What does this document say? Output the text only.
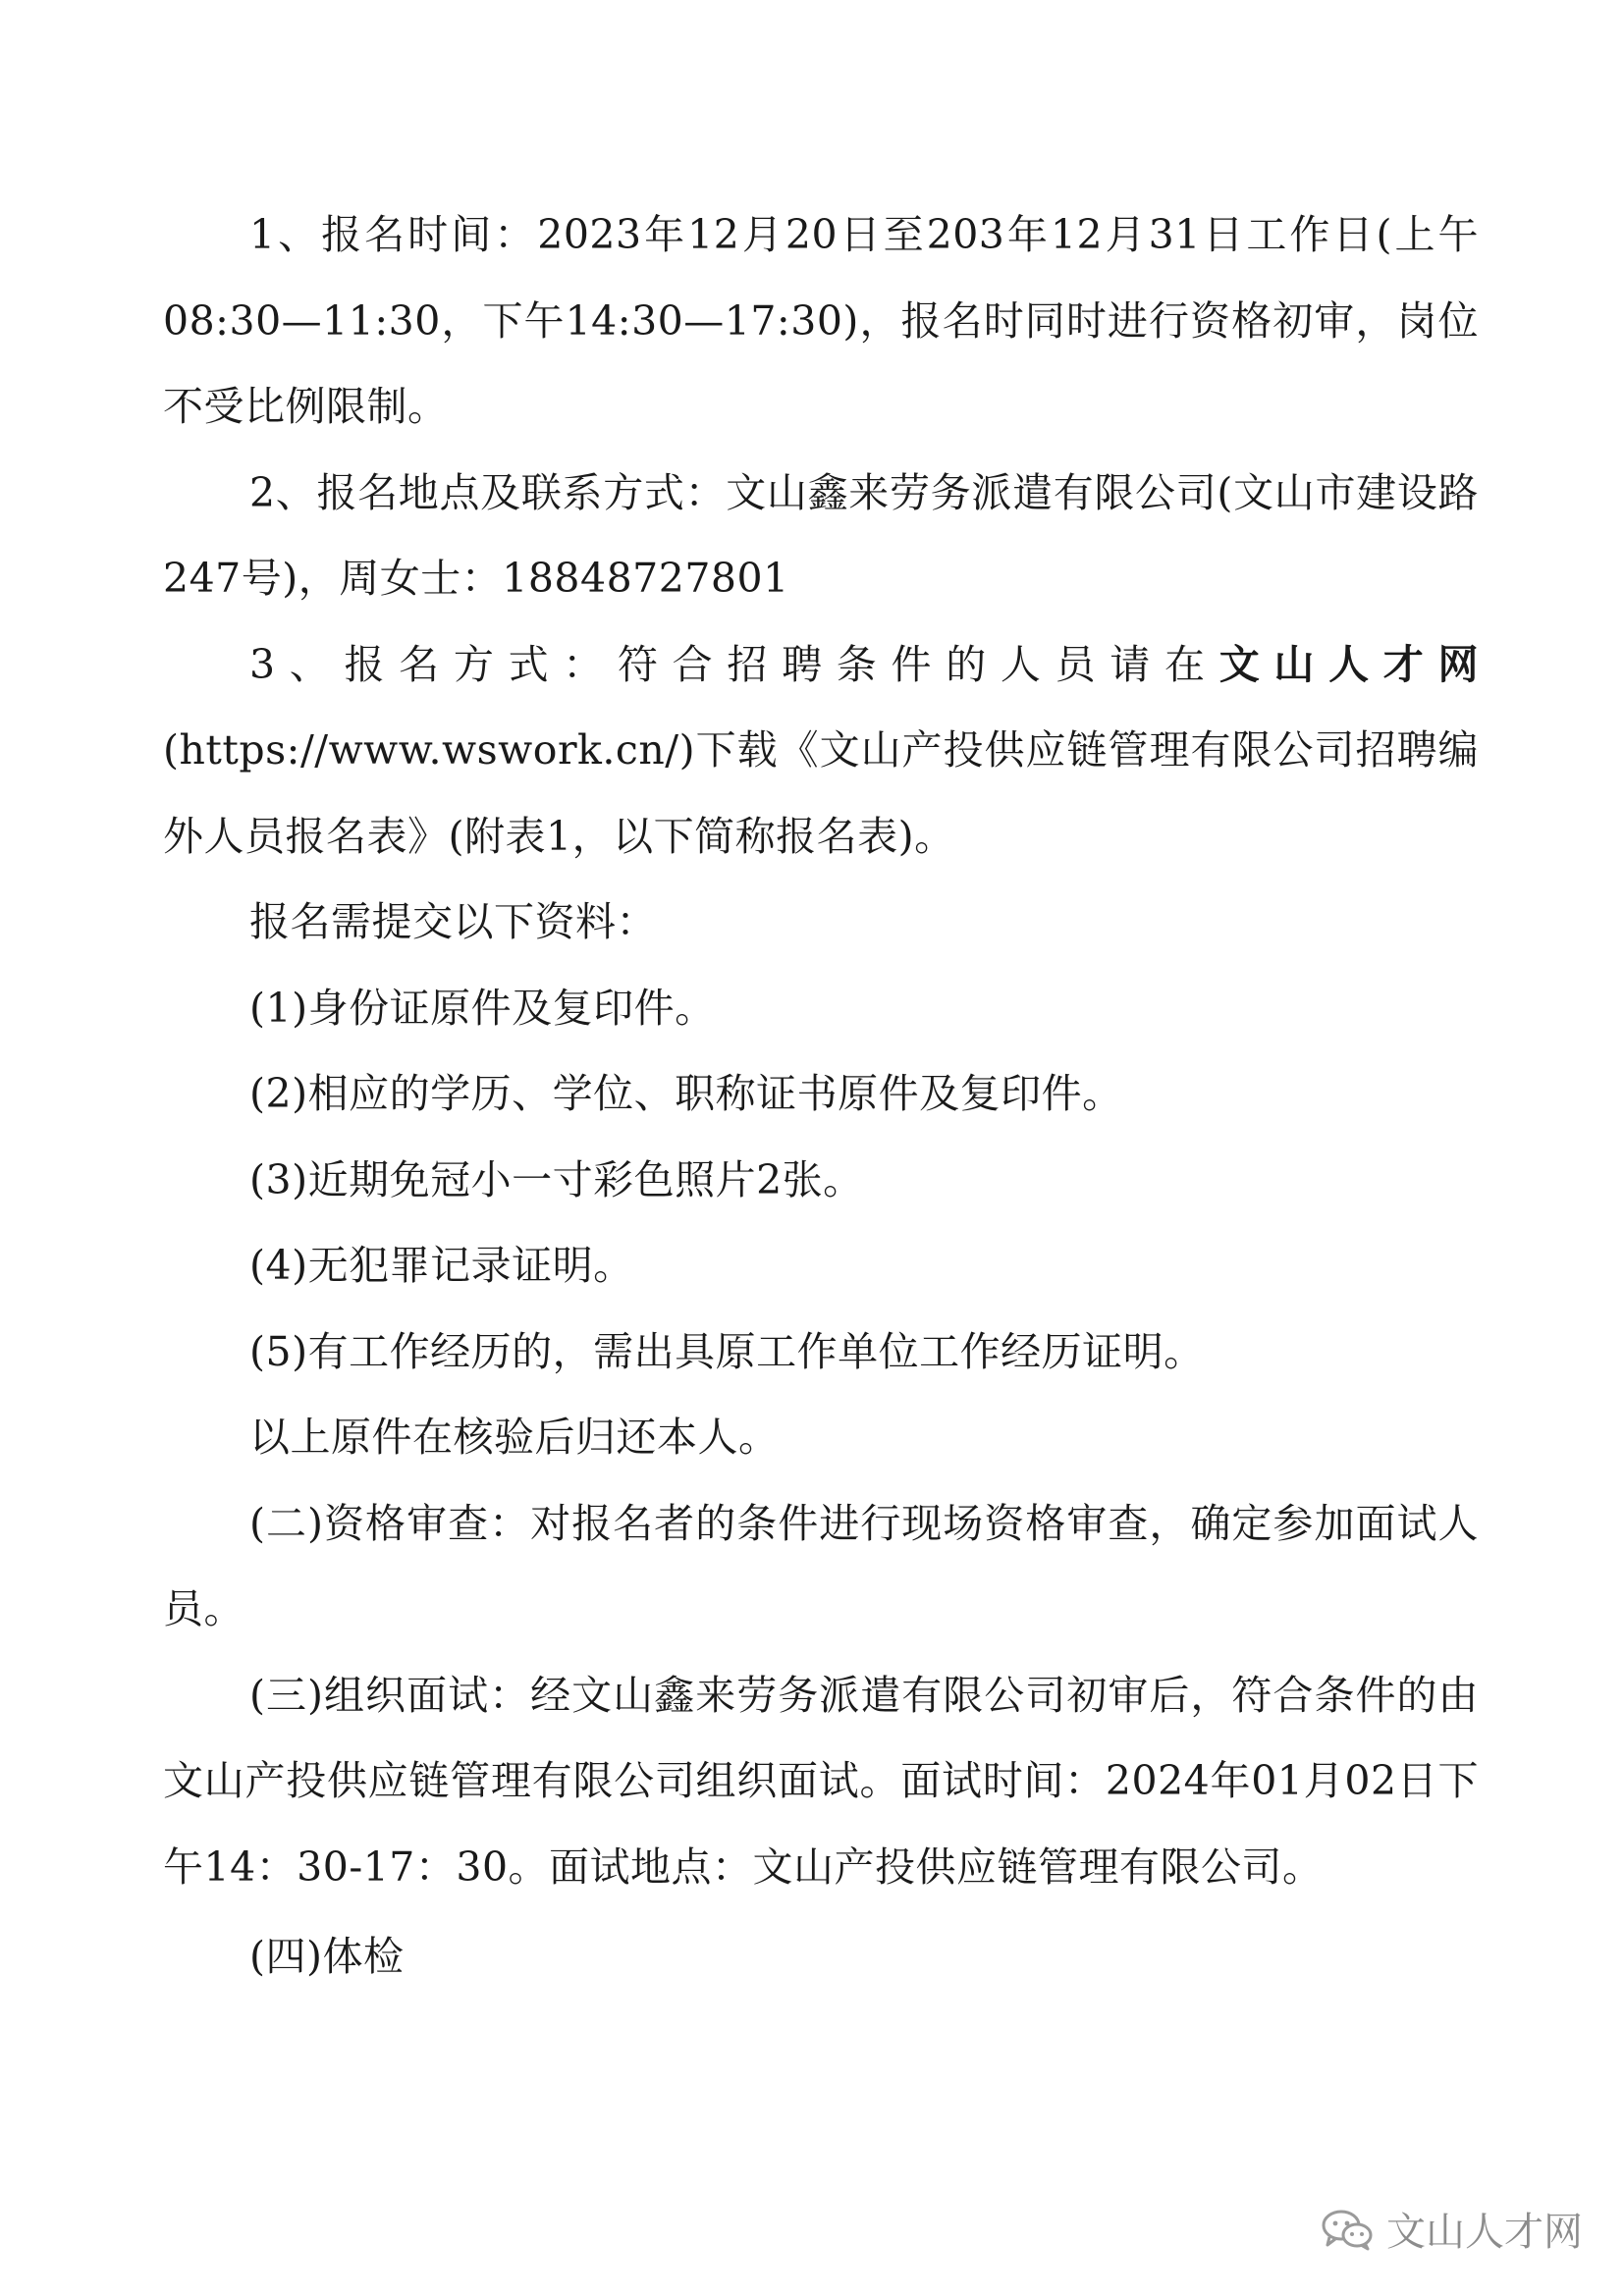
1、报名时间：2023年12月20日至203年12月31日工作日(上午08:30—11:30，下午14:30—17:30)，报名时同时进行资格初审，岗位不受比例限制。

2、报名地点及联系方式：文山鑫来劳务派遣有限公司(文山市建设路247号)，周女士：18848727801

3、报名方式：符合招聘条件的人员请在文山人才网(https://www.wswork.cn/)下载《文山产投供应链管理有限公司招聘编外人员报名表》(附表1，以下简称报名表)。

报名需提交以下资料：

(1)身份证原件及复印件。

(2)相应的学历、学位、职称证书原件及复印件。

(3)近期免冠小一寸彩色照片2张。

(4)无犯罪记录证明。

(5)有工作经历的，需出具原工作单位工作经历证明。

以上原件在核验后归还本人。

(二)资格审查：对报名者的条件进行现场资格审查，确定参加面试人员。

(三)组织面试：经文山鑫来劳务派遣有限公司初审后，符合条件的由文山产投供应链管理有限公司组织面试。面试时间：2024年01月02日下午14：30-17：30。面试地点：文山产投供应链管理有限公司。

(四)体检

文山人才网
